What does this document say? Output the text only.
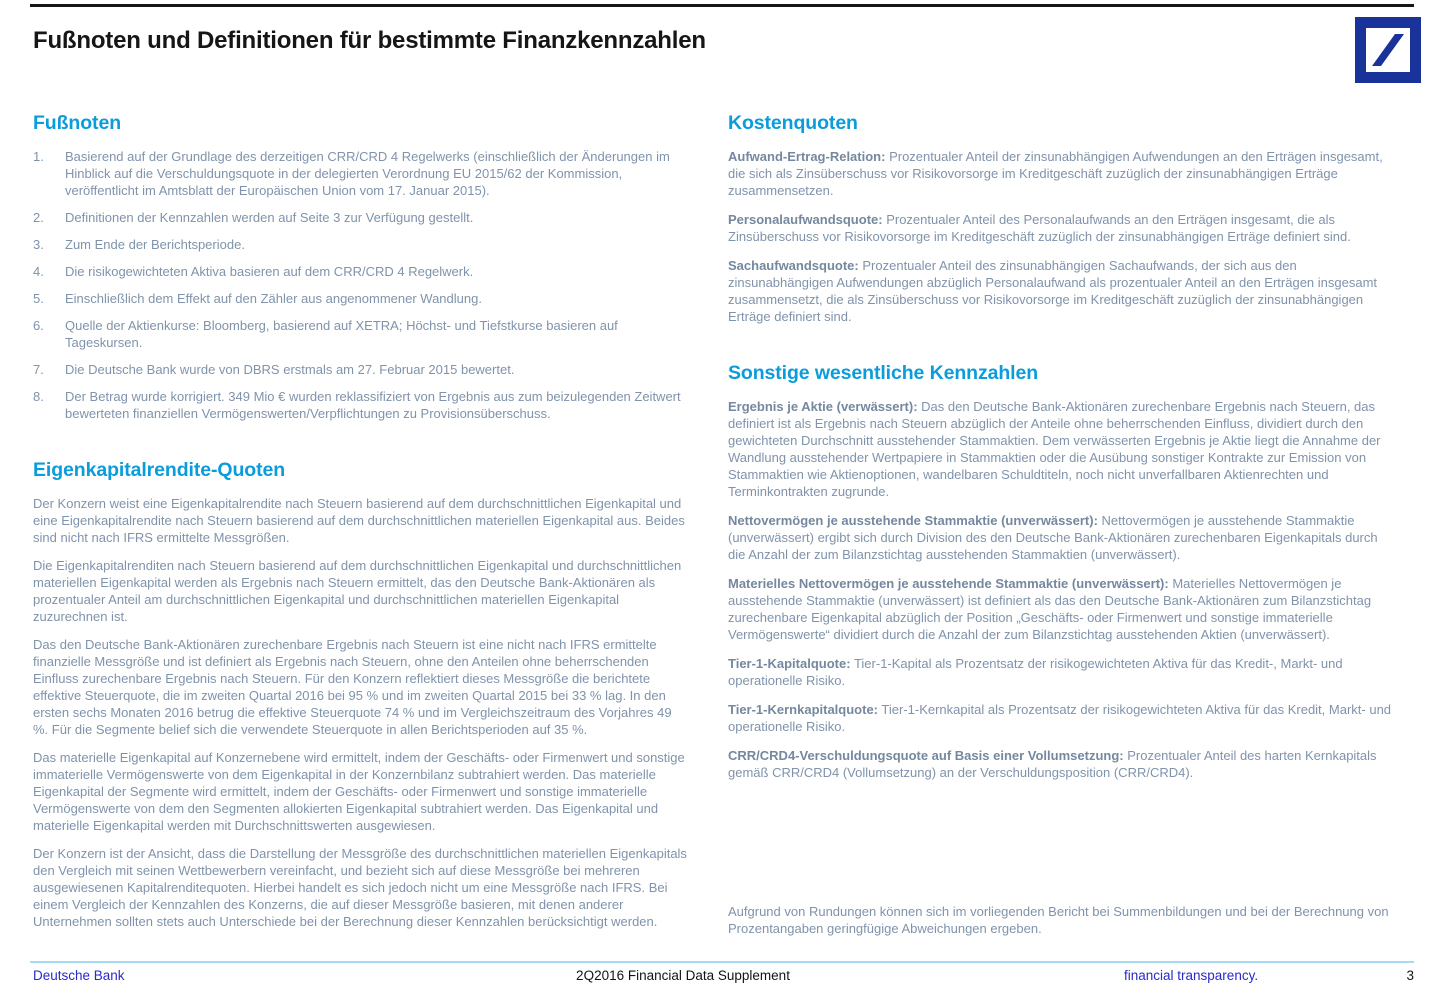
Fußnoten und Definitionen für bestimmte Finanzkennzahlen
Fußnoten
1.	Basierend auf der Grundlage des derzeitigen CRR/CRD 4 Regelwerks (einschließlich der Änderungen im Hinblick auf die Verschuldungsquote in der delegierten Verordnung EU 2015/62 der Kommission, veröffentlicht im Amtsblatt der Europäischen Union vom 17. Januar 2015).
2.	Definitionen der Kennzahlen werden auf Seite 3 zur Verfügung gestellt.
3.	Zum Ende der Berichtsperiode.
4.	Die risikogewichteten Aktiva basieren auf dem CRR/CRD 4 Regelwerk.
5.	Einschließlich dem Effekt auf den Zähler aus angenommener Wandlung.
6.	Quelle der Aktienkurse: Bloomberg, basierend auf XETRA; Höchst- und Tiefstkurse basieren auf Tageskursen.
7.	Die Deutsche Bank wurde von DBRS erstmals am 27. Februar 2015 bewertet.
8.	Der Betrag wurde korrigiert. 349 Mio € wurden reklassifiziert von Ergebnis aus zum beizulegenden Zeitwert bewerteten finanziellen Vermögenswerten/Verpflichtungen zu Provisionsüberschuss.
Eigenkapitalrendite-Quoten

Der Konzern weist eine Eigenkapitalrendite nach Steuern basierend auf dem durchschnittlichen Eigenkapital und eine Eigenkapitalrendite nach Steuern basierend auf dem durchschnittlichen materiellen Eigenkapital aus. Beides sind nicht nach IFRS ermittelte Messgrößen.

Die Eigenkapitalrenditen nach Steuern basierend auf dem durchschnittlichen Eigenkapital und durchschnittlichen materiellen Eigenkapital werden als Ergebnis nach Steuern ermittelt, das den Deutsche Bank-Aktionären als prozentualer Anteil am durchschnittlichen Eigenkapital und durchschnittlichen materiellen Eigenkapital zuzurechnen ist.

Das den Deutsche Bank-Aktionären zurechenbare Ergebnis nach Steuern ist eine nicht nach IFRS ermittelte finanzielle Messgröße und ist definiert als Ergebnis nach Steuern, ohne den Anteilen ohne beherrschenden Einfluss zurechenbare Ergebnis nach Steuern. Für den Konzern reflektiert dieses Messgröße die berichtete effektive Steuerquote, die im zweiten Quartal 2016 bei 95 % und im zweiten Quartal 2015 bei 33 % lag. In den ersten sechs Monaten 2016 betrug die effektive Steuerquote 74 % und im Vergleichszeitraum des Vorjahres 49 %. Für die Segmente belief sich die verwendete Steuerquote in allen Berichtsperioden auf 35 %.

Das materielle Eigenkapital auf Konzernebene wird ermittelt, indem der Geschäfts- oder Firmenwert und sonstige immaterielle Vermögenswerte von dem Eigenkapital in der Konzernbilanz subtrahiert werden. Das materielle Eigenkapital der Segmente wird ermittelt, indem der Geschäfts- oder Firmenwert und sonstige immaterielle Vermögenswerte von dem den Segmenten allokierten Eigenkapital subtrahiert werden. Das Eigenkapital und materielle Eigenkapital werden mit Durchschnittswerten ausgewiesen.

Der Konzern ist der Ansicht, dass die Darstellung der Messgröße des durchschnittlichen materiellen Eigenkapitals den Vergleich mit seinen Wettbewerbern vereinfacht, und bezieht sich auf diese Messgröße bei mehreren ausgewiesenen Kapitalrenditequoten. Hierbei handelt es sich jedoch nicht um eine Messgröße nach IFRS. Bei einem Vergleich der Kennzahlen des Konzerns, die auf dieser Messgröße basieren, mit denen anderer Unternehmen sollten stets auch Unterschiede bei der Berechnung dieser Kennzahlen berücksichtigt werden.

Kostenquoten

Aufwand-Ertrag-Relation: Prozentualer Anteil der zinsunabhängigen Aufwendungen an den Erträgen insgesamt, die sich als Zinsüberschuss vor Risikovorsorge im Kreditgeschäft zuzüglich der zinsunabhängigen Erträge zusammensetzen.

Personalaufwandsquote: Prozentualer Anteil des Personalaufwands an den Erträgen insgesamt, die als Zinsüberschuss vor Risikovorsorge im Kreditgeschäft zuzüglich der zinsunabhängigen Erträge definiert sind.

Sachaufwandsquote: Prozentualer Anteil des zinsunabhängigen Sachaufwands, der sich aus den zinsunabhängigen Aufwendungen abzüglich Personalaufwand als prozentualer Anteil an den Erträgen insgesamt zusammensetzt, die als Zinsüberschuss vor Risikovorsorge im Kreditgeschäft zuzüglich der zinsunabhängigen Erträge definiert sind.

Sonstige wesentliche Kennzahlen

Ergebnis je Aktie (verwässert): Das den Deutsche Bank-Aktionären zurechenbare Ergebnis nach Steuern, das definiert ist als Ergebnis nach Steuern abzüglich der Anteile ohne beherrschenden Einfluss, dividiert durch den gewichteten Durchschnitt ausstehender Stammaktien. Dem verwässerten Ergebnis je Aktie liegt die Annahme der Wandlung ausstehender Wertpapiere in Stammaktien oder die Ausübung sonstiger Kontrakte zur Emission von Stammaktien wie Aktienoptionen, wandelbaren Schuldtiteln, noch nicht unverfallbaren Aktienrechten und Terminkontrakten zugrunde.

Nettovermögen je ausstehende Stammaktie (unverwässert): Nettovermögen je ausstehende Stammaktie (unverwässert) ergibt sich durch Division des den Deutsche Bank-Aktionären zurechenbaren Eigenkapitals durch die Anzahl der zum Bilanzstichtag ausstehenden Stammaktien (unverwässert).

Materielles Nettovermögen je ausstehende Stammaktie (unverwässert): Materielles Nettovermögen je ausstehende Stammaktie (unverwässert) ist definiert als das den Deutsche Bank-Aktionären zum Bilanzstichtag zurechenbare Eigenkapital abzüglich der Position „Geschäfts- oder Firmenwert und sonstige immaterielle Vermögenswerte“ dividiert durch die Anzahl der zum Bilanzstichtag ausstehenden Aktien (unverwässert).

Tier-1-Kapitalquote: Tier-1-Kapital als Prozentsatz der risikogewichteten Aktiva für das Kredit-, Markt- und operationelle Risiko.

Tier-1-Kernkapitalquote: Tier-1-Kernkapital als Prozentsatz der risikogewichteten Aktiva für das Kredit, Markt- und operationelle Risiko.

CRR/CRD4-Verschuldungsquote auf Basis einer Vollumsetzung: Prozentualer Anteil des harten Kernkapitals gemäß CRR/CRD4 (Vollumsetzung) an der Verschuldungsposition (CRR/CRD4).

Aufgrund von Rundungen können sich im vorliegenden Bericht bei Summenbildungen und bei der Berechnung von Prozentangaben geringfügige Abweichungen ergeben.

Deutsche Bank	2Q2016 Financial Data Supplement	financial transparency.	3
